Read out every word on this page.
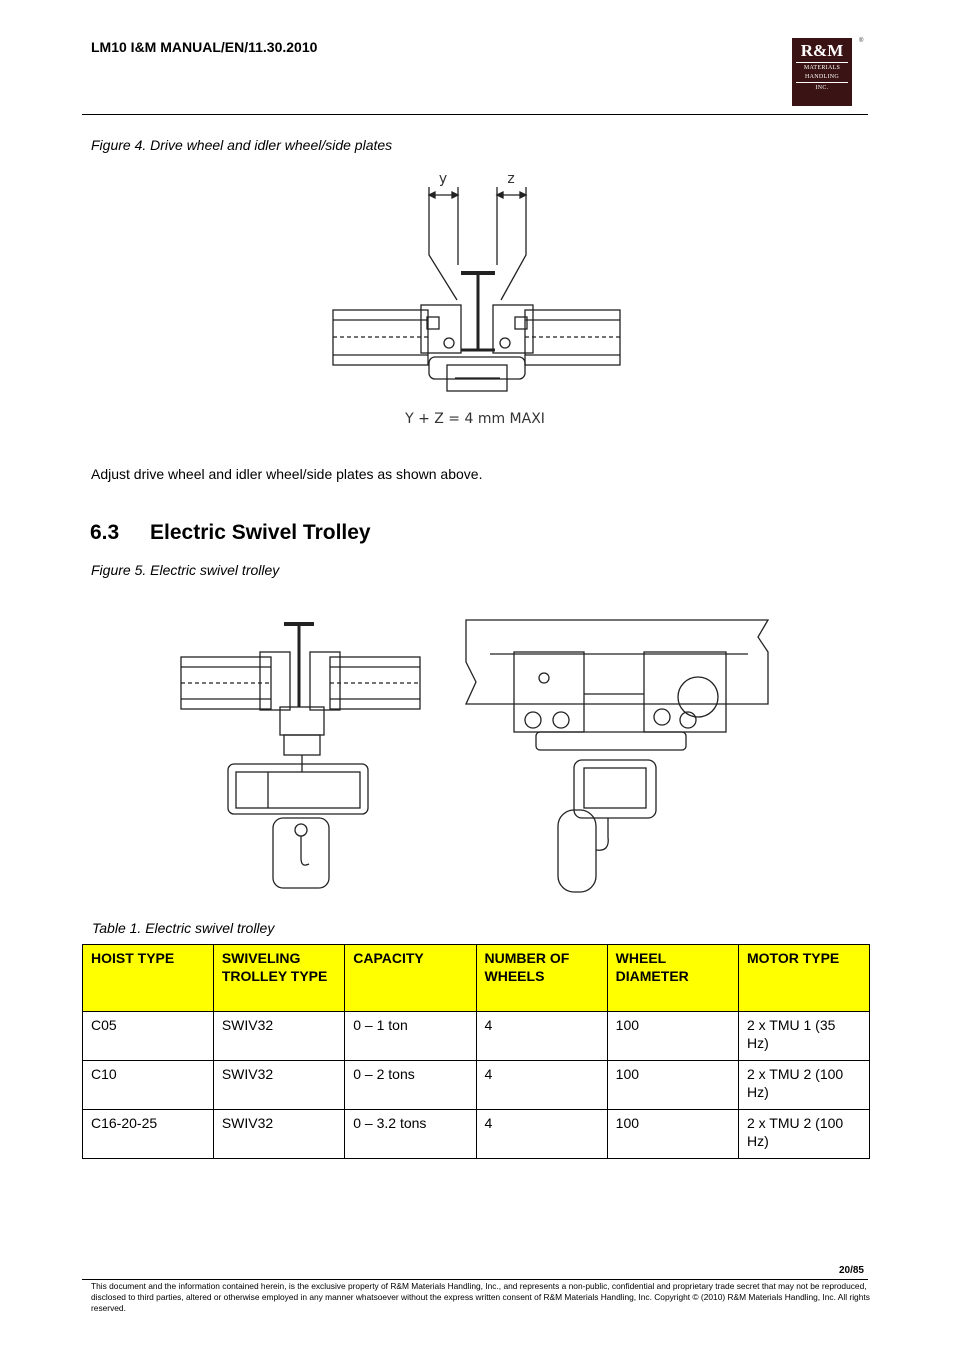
LM10 I&M MANUAL/EN/11.30.2010	R&M
MATERIALS
HANDLING
INC.
®
Figure 4. Drive wheel and idler wheel/side plates
Y + Z = 4 mm MAXI
y	z
Adjust drive wheel and idler wheel/side plates as shown above.
6.3 Electric Swivel Trolley
Figure 5. Electric swivel trolley
Table 1. Electric swivel trolley
HOIST TYPE	SWIVELING TROLLEY TYPE	CAPACITY	NUMBER OF WHEELS	WHEEL DIAMETER	MOTOR TYPE
C05	SWIV32	0 – 1 ton	4	100	2 x TMU 1 (35 Hz)
C10	SWIV32	0 – 2 tons	4	100	2 x TMU 2 (100 Hz)
C16-20-25	SWIV32	0 – 3.2 tons	4	100	2 x TMU 2 (100 Hz)
20/85
This document and the information contained herein, is the exclusive property of R&M Materials Handling, Inc., and represents a non-public, confidential and proprietary trade secret that may not be reproduced, disclosed to third parties, altered or otherwise employed in any manner whatsoever without the express written consent of R&M Materials Handling, Inc. Copyright © (2010) R&M Materials Handling, Inc. All rights reserved.
